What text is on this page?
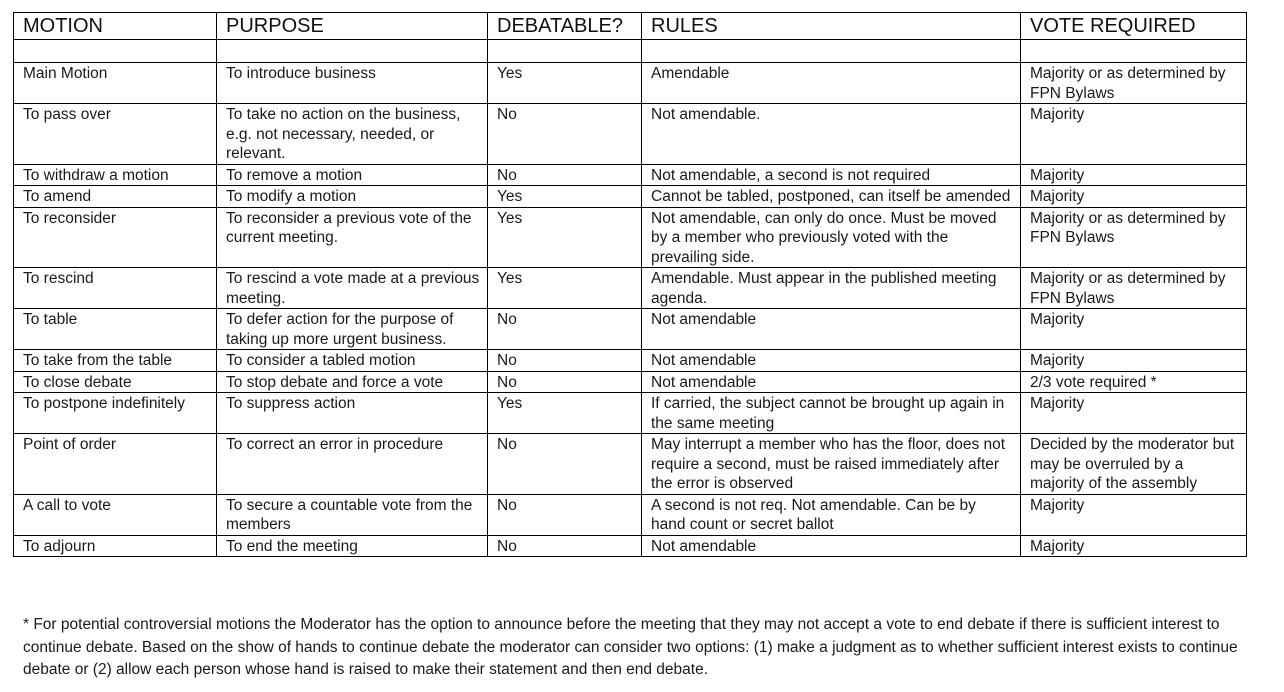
MOTION	PURPOSE	DEBATABLE?	RULES	VOTE REQUIRED

Main Motion	To introduce business	Yes	Amendable	Majority or as determined by FPN Bylaws
To pass over	To take no action on the business, e.g. not necessary, needed, or relevant.	No	Not amendable.	Majority
To withdraw a motion	To remove a motion	No	Not amendable, a second is not required	Majority
To amend	To modify a motion	Yes	Cannot be tabled, postponed, can itself be amended	Majority
To reconsider	To reconsider a previous vote of the current meeting.	Yes	Not amendable, can only do once. Must be moved by a member who previously voted with the prevailing side.	Majority or as determined by FPN Bylaws
To rescind	To rescind a vote made at a previous meeting.	Yes	Amendable. Must appear in the published meeting agenda.	Majority or as determined by FPN Bylaws
To table	To defer action for the purpose of taking up more urgent business.	No	Not amendable	Majority
To take from the table	To consider a tabled motion	No	Not amendable	Majority
To close debate	To stop debate and force a vote	No	Not amendable	2/3 vote required *
To postpone indefinitely	To suppress action	Yes	If carried, the subject cannot be brought up again in the same meeting	Majority
Point of order	To correct an error in procedure	No	May interrupt a member who has the floor, does not require a second, must be raised immediately after the error is observed	Decided by the moderator but may be overruled by a majority of the assembly
A call to vote	To secure a countable vote from the members	No	A second is not req. Not amendable. Can be by hand count or secret ballot	Majority
To adjourn	To end the meeting	No	Not amendable	Majority

* For potential controversial motions the Moderator has the option to announce before the meeting that they may not accept a vote to end debate if there is sufficient interest to continue debate. Based on the show of hands to continue debate the moderator can consider two options: (1) make a judgment as to whether sufficient interest exists to continue debate or (2) allow each person whose hand is raised to make their statement and then end debate.
